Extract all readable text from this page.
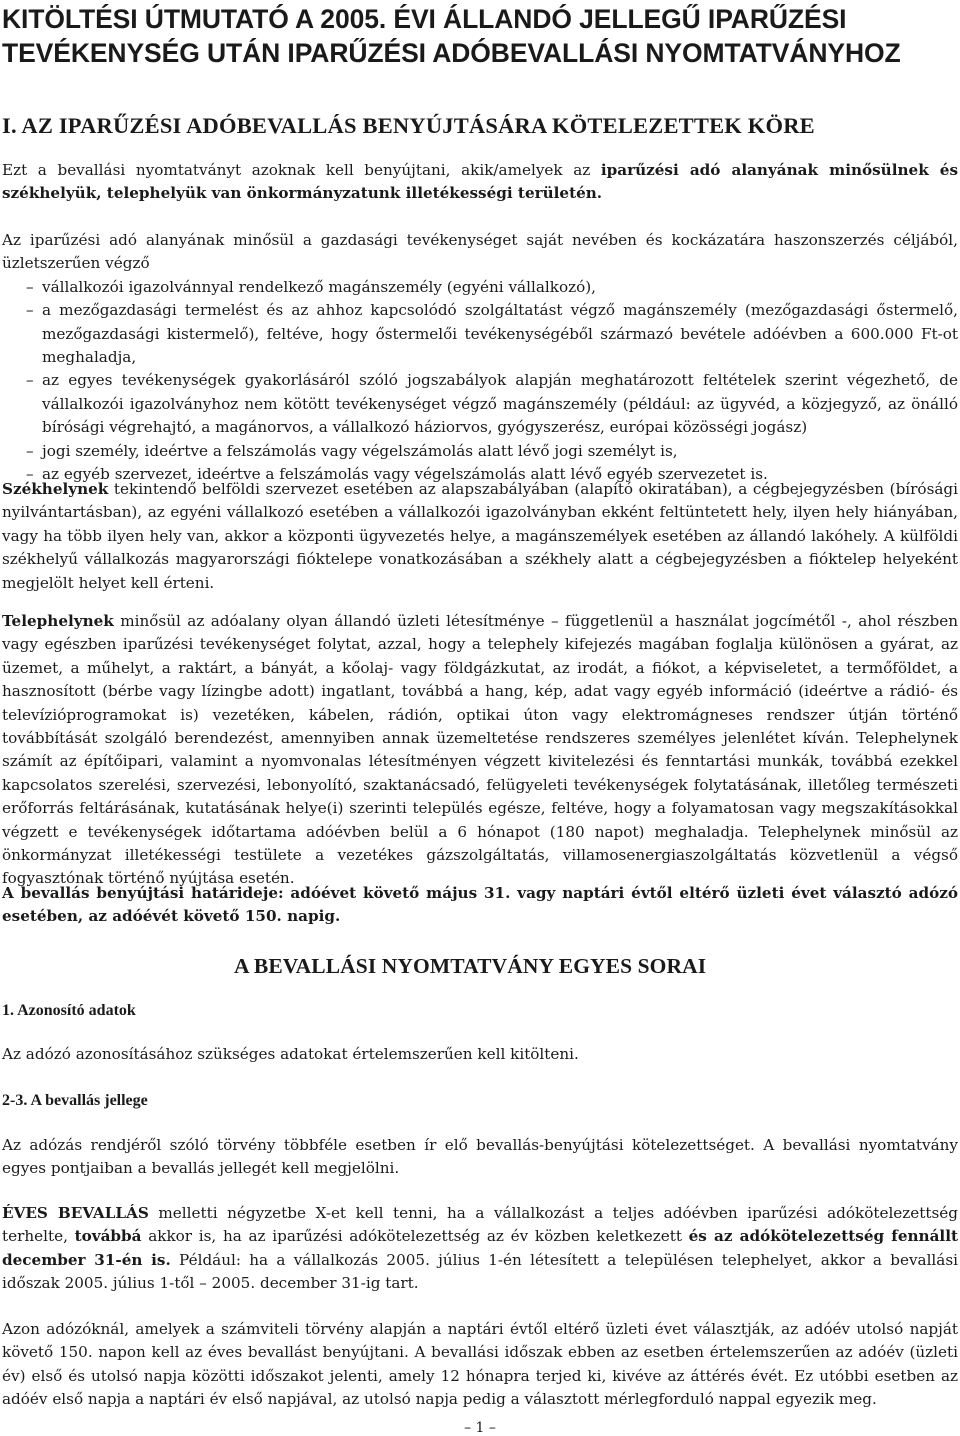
KITÖLTÉSI ÚTMUTATÓ A 2005. ÉVI ÁLLANDÓ JELLEGŰ IPARŰZÉSI
TEVÉKENYSÉG UTÁN IPARŰZÉSI ADÓBEVALLÁSI NYOMTATVÁNYHOZ
I. AZ IPARŰZÉSI ADÓBEVALLÁS BENYÚJTÁSÁRA KÖTELEZETTEK KÖRE

Ezt a bevallási nyomtatványt azoknak kell benyújtani, akik/amelyek az iparűzési adó alanyának minősülnek és székhelyük, telephelyük van önkormányzatunk illetékességi területén.

Az iparűzési adó alanyának minősül a gazdasági tevékenységet saját nevében és kockázatára haszonszerzés céljából, üzletszerűen végző

– vállalkozói igazolvánnyal rendelkező magánszemély (egyéni vállalkozó),
– a mezőgazdasági termelést és az ahhoz kapcsolódó szolgáltatást végző magánszemély (mezőgazdasági őstermelő, mezőgazdasági kistermelő), feltéve, hogy őstermelői tevékenységéből származó bevétele adóévben a 600.000 Ft-ot meghaladja,
– az egyes tevékenységek gyakorlásáról szóló jogszabályok alapján meghatározott feltételek szerint végezhető, de vállalkozói igazolványhoz nem kötött tevékenységet végző magánszemély (például: az ügyvéd, a közjegyző, az önálló bírósági végrehajtó, a magánorvos, a vállalkozó háziorvos, gyógyszerész, európai közösségi jogász)
– jogi személy, ideértve a felszámolás vagy végelszámolás alatt lévő jogi személyt is,
– az egyéb szervezet, ideértve a felszámolás vagy végelszámolás alatt lévő egyéb szervezetet is.

Székhelynek tekintendő belföldi szervezet esetében az alapszabályában (alapító okiratában), a cégbejegyzésben (bírósági nyilvántartásban), az egyéni vállalkozó esetében a vállalkozói igazolványban ekként feltüntetett hely, ilyen hely hiányában, vagy ha több ilyen hely van, akkor a központi ügyvezetés helye, a magánszemélyek esetében az állandó lakóhely. A külföldi székhelyű vállalkozás magyarországi fióktelepe vonatkozásában a székhely alatt a cégbejegyzésben a fióktelep helyeként megjelölt helyet kell érteni.

Telephelynek minősül az adóalany olyan állandó üzleti létesítménye – függetlenül a használat jogcímétől -, ahol részben vagy egészben iparűzési tevékenységet folytat, azzal, hogy a telephely kifejezés magában foglalja különösen a gyárat, az üzemet, a műhelyt, a raktárt, a bányát, a kőolaj- vagy földgázkutat, az irodát, a fiókot, a képviseletet, a termőföldet, a hasznosított (bérbe vagy lízingbe adott) ingatlant, továbbá a hang, kép, adat vagy egyéb információ (ideértve a rádió- és televízióprogramokat is) vezetéken, kábelen, rádión, optikai úton vagy elektromágneses rendszer útján történő továbbítását szolgáló berendezést, amennyiben annak üzemeltetése rendszeres személyes jelenlétet kíván. Telephelynek számít az építőipari, valamint a nyomvonalas létesítményen végzett kivitelezési és fenntartási munkák, továbbá ezekkel kapcsolatos szerelési, szervezési, lebonyolító, szaktanácsadó, felügyeleti tevékenységek folytatásának, illetőleg természeti erőforrás feltárásának, kutatásának helye(i) szerinti település egésze, feltéve, hogy a folyamatosan vagy megszakításokkal végzett e tevékenységek időtartama adóévben belül a 6 hónapot (180 napot) meghaladja. Telephelynek minősül az önkormányzat illetékességi testülete a vezetékes gázszolgáltatás, villamosenergiaszolgáltatás közvetlenül a végső fogyasztónak történő nyújtása esetén.

A bevallás benyújtási határideje: adóévet követő május 31. vagy naptári évtől eltérő üzleti évet választó adózó esetében, az adóévét követő 150. napig.

A BEVALLÁSI NYOMTATVÁNY EGYES SORAI
1. Azonosító adatok

Az adózó azonosításához szükséges adatokat értelemszerűen kell kitölteni.

2-3. A bevallás jellege

Az adózás rendjéről szóló törvény többféle esetben ír elő bevallás-benyújtási kötelezettséget. A bevallási nyomtatvány egyes pontjaiban a bevallás jellegét kell megjelölni.

ÉVES BEVALLÁS melletti négyzetbe X-et kell tenni, ha a vállalkozást a teljes adóévben iparűzési adókötelezettség terhelte, továbbá akkor is, ha az iparűzési adókötelezettség az év közben keletkezett és az adókötelezettség fennállt december 31-én is. Például: ha a vállalkozás 2005. július 1-én létesített a településen telephelyet, akkor a bevallási időszak 2005. július 1-től – 2005. december 31-ig tart.

Azon adózóknál, amelyek a számviteli törvény alapján a naptári évtől eltérő üzleti évet választják, az adóév utolsó napját követő 150. napon kell az éves bevallást benyújtani. A bevallási időszak ebben az esetben értelemszerűen az adóév (üzleti év) első és utolsó napja közötti időszakot jelenti, amely 12 hónapra terjed ki, kivéve az áttérés évét. Ez utóbbi esetben az adóév első napja a naptári év első napjával, az utolsó napja pedig a választott mérlegforduló nappal egyezik meg.

– 1 –
